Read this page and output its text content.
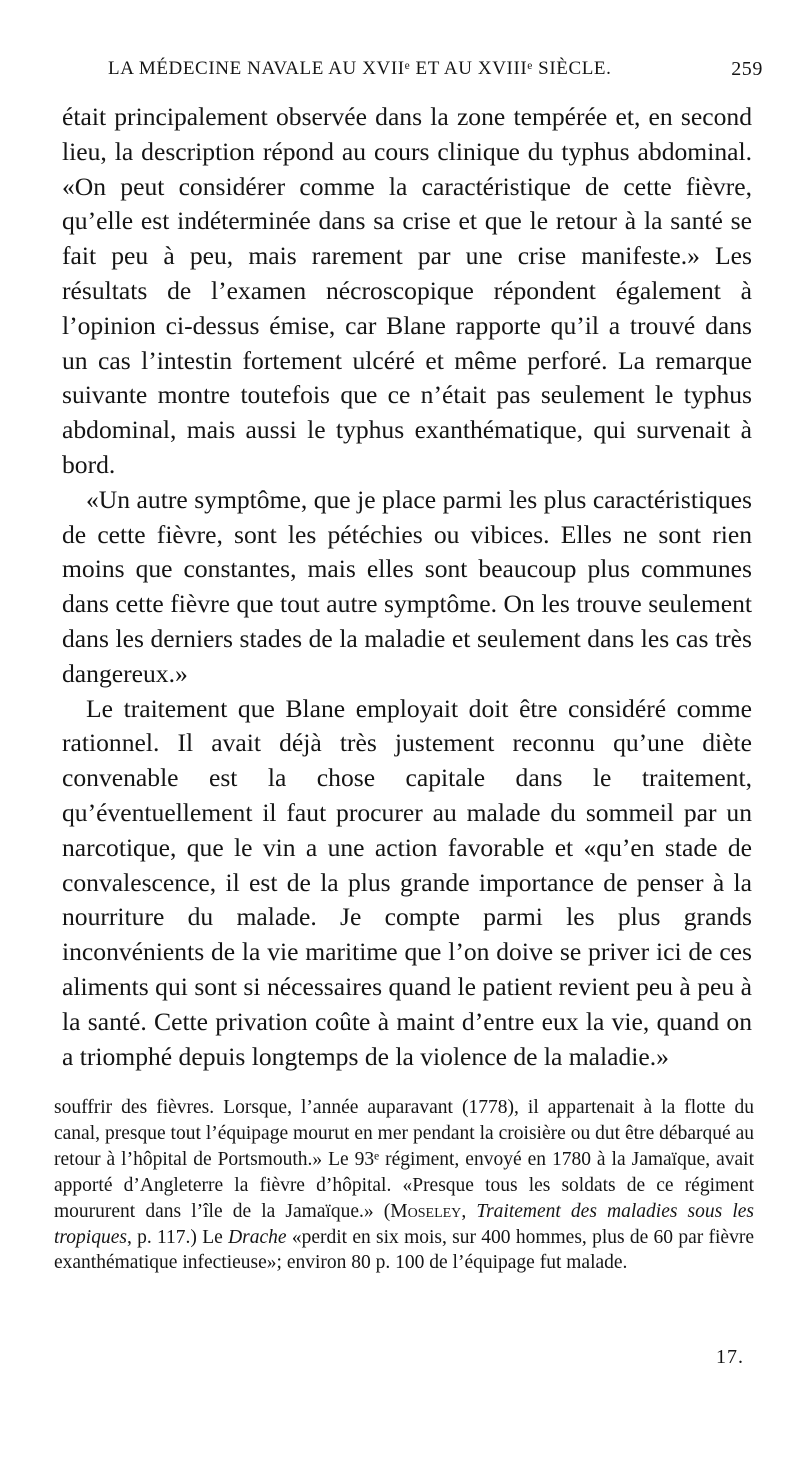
LA MÉDECINE NAVALE AU XVIIᵉ ET AU XVIIIᵉ SIÈCLE.	259

était principalement observée dans la zone tempérée et, en second lieu, la description répond au cours clinique du typhus abdominal. «On peut considérer comme la caractéristique de cette fièvre, qu’elle est indéterminée dans sa crise et que le retour à la santé se fait peu à peu, mais rarement par une crise manifeste.» Les résultats de l’examen nécroscopique répondent également à l’opinion ci-dessus émise, car Blane rapporte qu’il a trouvé dans un cas l’intestin fortement ulcéré et même perforé. La remarque suivante montre toutefois que ce n’était pas seulement le typhus abdominal, mais aussi le typhus exanthématique, qui survenait à bord.

«Un autre symptôme, que je place parmi les plus caractéristiques de cette fièvre, sont les pétéchies ou vibices. Elles ne sont rien moins que constantes, mais elles sont beaucoup plus communes dans cette fièvre que tout autre symptôme. On les trouve seulement dans les derniers stades de la maladie et seulement dans les cas très dangereux.»

Le traitement que Blane employait doit être considéré comme rationnel. Il avait déjà très justement reconnu qu’une diète convenable est la chose capitale dans le traitement, qu’éventuellement il faut procurer au malade du sommeil par un narcotique, que le vin a une action favorable et «qu’en stade de convalescence, il est de la plus grande importance de penser à la nourriture du malade. Je compte parmi les plus grands inconvénients de la vie maritime que l’on doive se priver ici de ces aliments qui sont si nécessaires quand le patient revient peu à peu à la santé. Cette privation coûte à maint d’entre eux la vie, quand on a triomphé depuis longtemps de la violence de la maladie.»

souffrir des fièvres. Lorsque, l’année auparavant (1778), il appartenait à la flotte du canal, presque tout l’équipage mourut en mer pendant la croisière ou dut être débarqué au retour à l’hôpital de Portsmouth.» Le 93ᵉ régiment, envoyé en 1780 à la Jamaïque, avait apporté d’Angleterre la fièvre d’hôpital. «Presque tous les soldats de ce régiment moururent dans l’île de la Jamaïque.» (Moseley, Traitement des maladies sous les tropiques, p. 117.) Le Drache «perdit en six mois, sur 400 hommes, plus de 60 par fièvre exanthématique infectieuse»; environ 80 p. 100 de l’équipage fut malade.

17.
